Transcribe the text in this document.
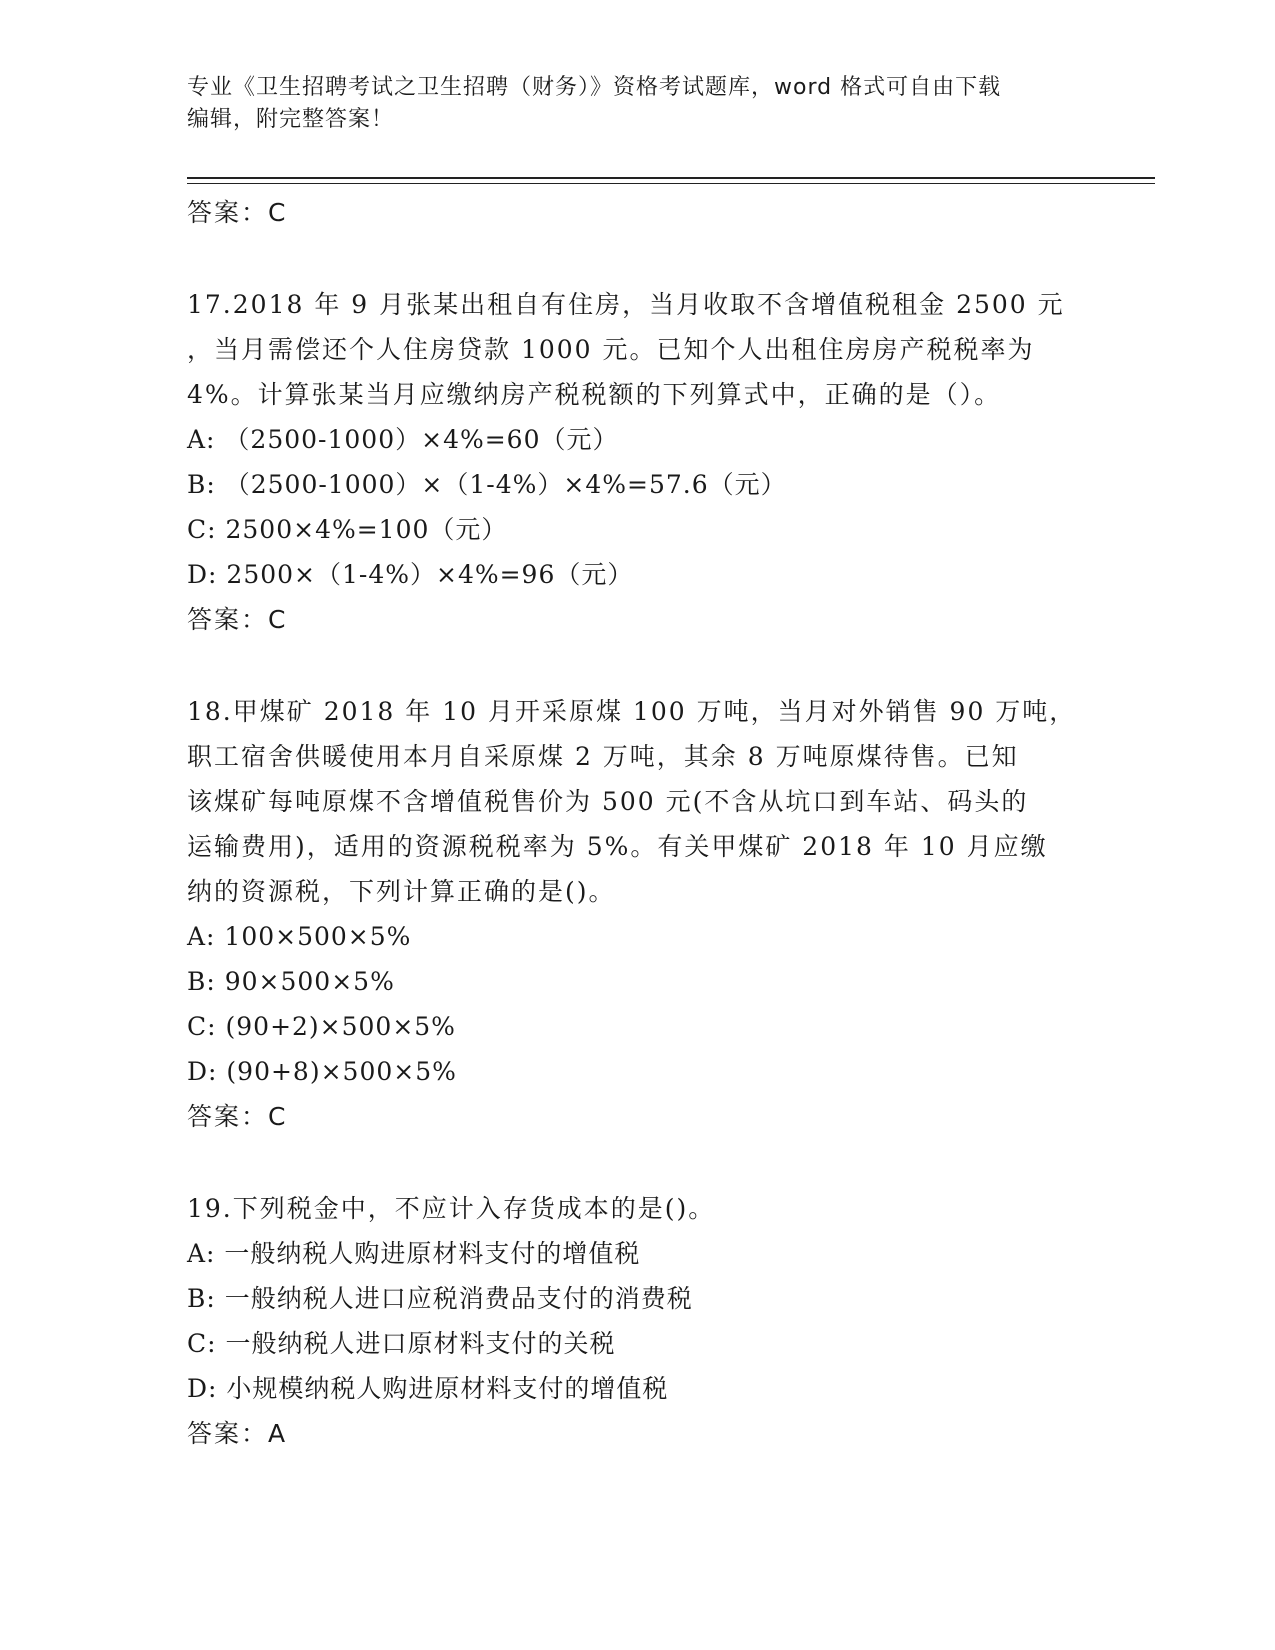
专业《卫生招聘考试之卫生招聘（财务）》资格考试题库，word 格式可自由下载
编辑，附完整答案！
答案：C
17.2018 年 9 月张某出租自有住房，当月收取不含增值税租金 2500 元
，当月需偿还个人住房贷款 1000 元。已知个人出租住房房产税税率为
4%。计算张某当月应缴纳房产税税额的下列算式中，正确的是（）。
A: （2500-1000）×4%=60（元）
B: （2500-1000）×（1-4%）×4%=57.6（元）
C: 2500×4%=100（元）
D: 2500×（1-4%）×4%=96（元）
答案：C
18.甲煤矿 2018 年 10 月开采原煤 100 万吨，当月对外销售 90 万吨，
职工宿舍供暖使用本月自采原煤 2 万吨，其余 8 万吨原煤待售。已知
该煤矿每吨原煤不含增值税售价为 500 元(不含从坑口到车站、码头的
运输费用)，适用的资源税税率为 5%。有关甲煤矿 2018 年 10 月应缴
纳的资源税，下列计算正确的是()。
A: 100×500×5%
B: 90×500×5%
C: (90+2)×500×5%
D: (90+8)×500×5%
答案：C
19.下列税金中，不应计入存货成本的是()。
A: 一般纳税人购进原材料支付的增值税
B: 一般纳税人进口应税消费品支付的消费税
C: 一般纳税人进口原材料支付的关税
D: 小规模纳税人购进原材料支付的增值税
答案：A
